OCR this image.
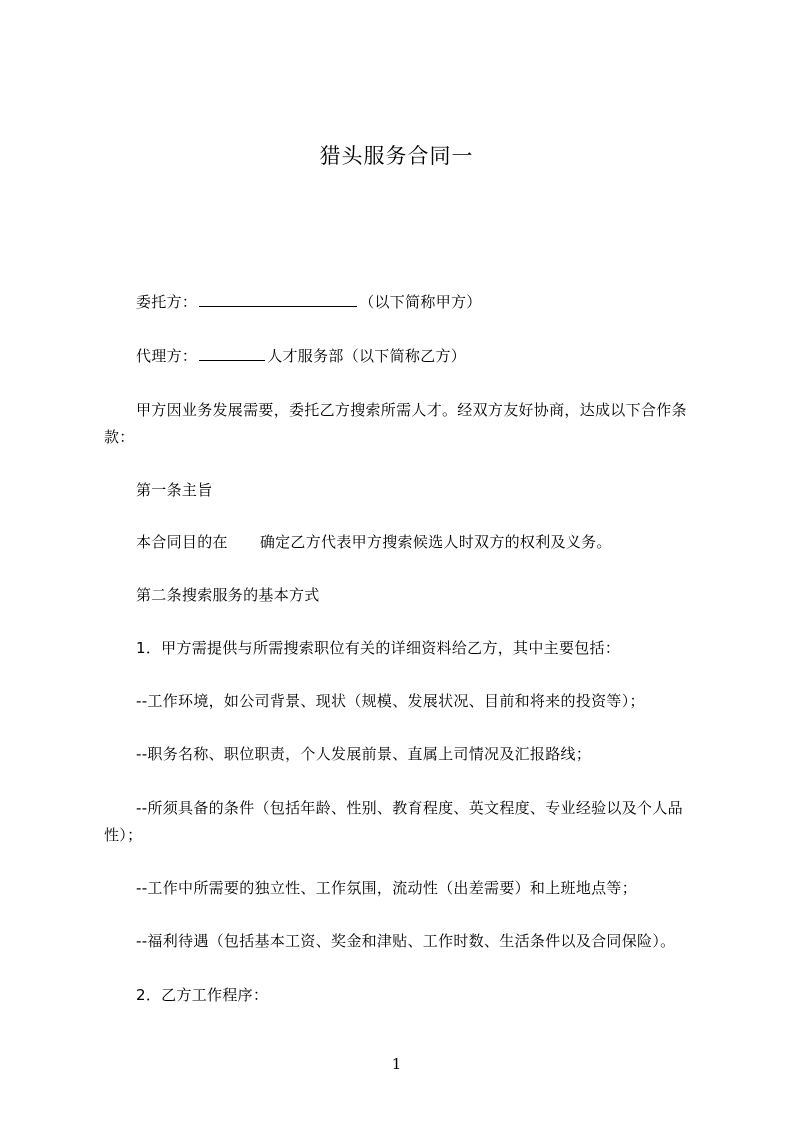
猎头服务合同一
委托方：	（以下简称甲方）
代理方：	人才服务部（以下简称乙方）
甲方因业务发展需要，委托乙方搜索所需人才。经双方友好协商，达成以下合作条款：
第一条主旨
本合同目的在 确定乙方代表甲方搜索候选人时双方的权利及义务。
第二条搜索服务的基本方式
1．甲方需提供与所需搜索职位有关的详细资料给乙方，其中主要包括：
--工作环境，如公司背景、现状（规模、发展状况、目前和将来的投资等）；
--职务名称、职位职责，个人发展前景、直属上司情况及汇报路线；
--所须具备的条件（包括年龄、性别、教育程度、英文程度、专业经验以及个人品性）；
--工作中所需要的独立性、工作氛围，流动性（出差需要）和上班地点等；
--福利待遇（包括基本工资、奖金和津贴、工作时数、生活条件以及合同保险）。
2．乙方工作程序：
1
